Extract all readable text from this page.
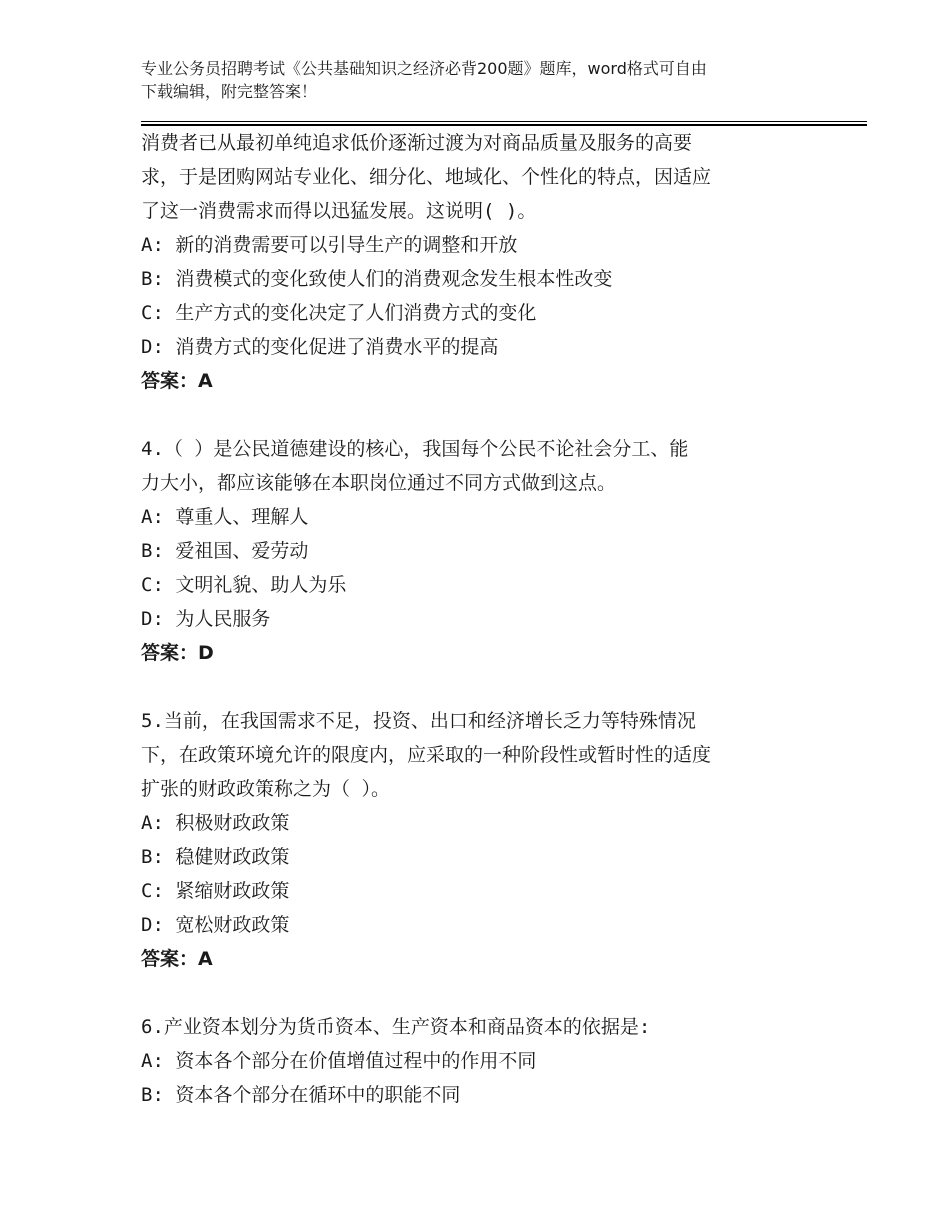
专业公务员招聘考试《公共基础知识之经济必背200题》题库，word格式可自由
下载编辑，附完整答案！
消费者已从最初单纯追求低价逐渐过渡为对商品质量及服务的高要
求，于是团购网站专业化、细分化、地域化、个性化的特点，因适应
了这一消费需求而得以迅猛发展。这说明( )。
A: 新的消费需要可以引导生产的调整和开放
B: 消费模式的变化致使人们的消费观念发生根本性改变
C: 生产方式的变化决定了人们消费方式的变化
D: 消费方式的变化促进了消费水平的提高
答案：A
4.（ ）是公民道德建设的核心，我国每个公民不论社会分工、能
力大小，都应该能够在本职岗位通过不同方式做到这点。
A: 尊重人、理解人
B: 爱祖国、爱劳动
C: 文明礼貌、助人为乐
D: 为人民服务
答案：D
5.当前，在我国需求不足，投资、出口和经济增长乏力等特殊情况
下，在政策环境允许的限度内，应采取的一种阶段性或暂时性的适度
扩张的财政政策称之为（ ）。
A: 积极财政政策
B: 稳健财政政策
C: 紧缩财政政策
D: 宽松财政政策
答案：A
6.产业资本划分为货币资本、生产资本和商品资本的依据是:
A: 资本各个部分在价值增值过程中的作用不同
B: 资本各个部分在循环中的职能不同
